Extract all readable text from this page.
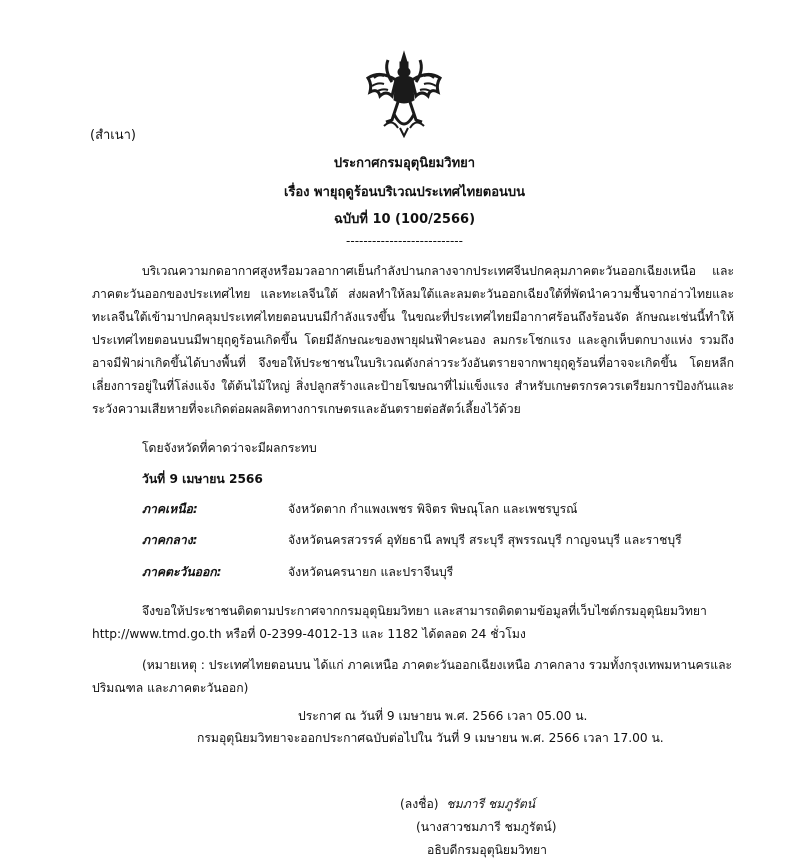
(สำเนา)
ประกาศกรมอุตุนิยมวิทยา
เรื่อง พายุฤดูร้อนบริเวณประเทศไทยตอนบน
ฉบับที่ 10 (100/2566)
---------------------------
บริเวณความกดอากาศสูงหรือมวลอากาศเย็นกำลังปานกลางจากประเทศจีนปกคลุมภาคตะวันออกเฉียงเหนือ และภาคตะวันออกของประเทศไทย และทะเลจีนใต้ ส่งผลทำให้ลมใต้และลมตะวันออกเฉียงใต้ที่พัดนำความชื้นจากอ่าวไทยและทะเลจีนใต้เข้ามาปกคลุมประเทศไทยตอนบนมีกำลังแรงขึ้น ในขณะที่ประเทศไทยมีอากาศร้อนถึงร้อนจัด ลักษณะเช่นนี้ทำให้ประเทศไทยตอนบนมีพายุฤดูร้อนเกิดขึ้น โดยมีลักษณะของพายุฝนฟ้าคะนอง ลมกระโชกแรง และลูกเห็บตกบางแห่ง รวมถึงอาจมีฟ้าผ่าเกิดขึ้นได้บางพื้นที่ จึงขอให้ประชาชนในบริเวณดังกล่าวระวังอันตรายจากพายุฤดูร้อนที่อาจจะเกิดขึ้น โดยหลีกเลี่ยงการอยู่ในที่โล่งแจ้ง ใต้ต้นไม้ใหญ่ สิ่งปลูกสร้างและป้ายโฆษณาที่ไม่แข็งแรง สำหรับเกษตรกรควรเตรียมการป้องกันและระวังความเสียหายที่จะเกิดต่อผลผลิตทางการเกษตรและอันตรายต่อสัตว์เลี้ยงไว้ด้วย
โดยจังหวัดที่คาดว่าจะมีผลกระทบ
วันที่ 9 เมษายน 2566
ภาคเหนือ:	จังหวัดตาก กำแพงเพชร พิจิตร พิษณุโลก และเพชรบูรณ์
ภาคกลาง:	จังหวัดนครสวรรค์ อุทัยธานี ลพบุรี สระบุรี สุพรรณบุรี กาญจนบุรี และราชบุรี
ภาคตะวันออก:	จังหวัดนครนายก และปราจีนบุรี
จึงขอให้ประชาชนติดตามประกาศจากกรมอุตุนิยมวิทยา และสามารถติดตามข้อมูลที่เว็บไซต์กรมอุตุนิยมวิทยา
http://www.tmd.go.th หรือที่ 0-2399-4012-13 และ 1182 ได้ตลอด 24 ชั่วโมง
(หมายเหตุ : ประเทศไทยตอนบน ได้แก่ ภาคเหนือ ภาคตะวันออกเฉียงเหนือ ภาคกลาง รวมทั้งกรุงเทพมหานครและ
ปริมณฑล และภาคตะวันออก)
ประกาศ ณ วันที่ 9 เมษายน พ.ศ. 2566 เวลา 05.00 น.
กรมอุตุนิยมวิทยาจะออกประกาศฉบับต่อไปใน วันที่ 9 เมษายน พ.ศ. 2566 เวลา 17.00 น.
(ลงชื่อ) ชมภารี ชมภูรัตน์
(นางสาวชมภารี ชมภูรัตน์)
อธิบดีกรมอุตุนิยมวิทยา
